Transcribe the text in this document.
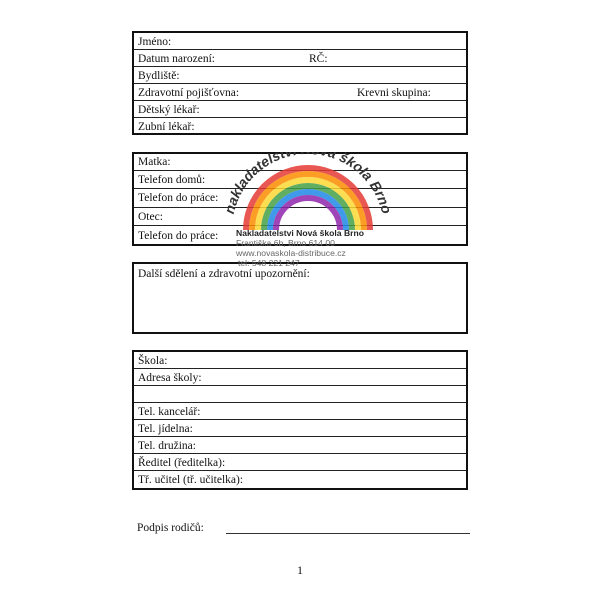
Jméno:
Datum narození:	RČ:
Bydliště:
Zdravotní pojišťovna:	Krevni skupina:
Dětský lékař:
Zubní lékař:
Matka:
Telefon domů:
Telefon do práce:
Otec:
Telefon do práce:
Další sdělení a zdravotní upozornění:
Škola:
Adresa školy:
Tel. kancelář:
Tel. jídelna:
Tel. družina:
Ředitel (ředitelka):
Tř. učitel (tř. učitelka):
nakladatelst á škola Brn
Nakladatelstvi Nová škola Brno
Františka 6b, Brno 614 00
www.novaskola-distribuce.cz
tel: 548 221 247
Podpis rodičů:
1
